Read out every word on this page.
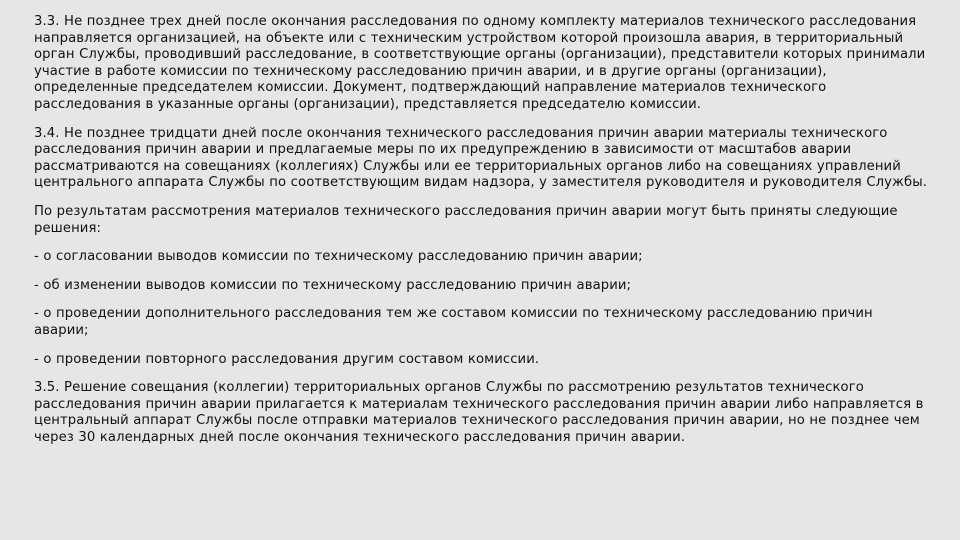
3.3. Не позднее трех дней после окончания расследования по одному комплекту материалов технического расследования направляется организацией, на объекте или с техническим устройством которой произошла авария, в территориальный орган Службы, проводивший расследование, в соответствующие органы (организации), представители которых принимали участие в работе комиссии по техническому расследованию причин аварии, и в другие органы (организации), определенные председателем комиссии. Документ, подтверждающий направление материалов технического расследования в указанные органы (организации), представляется председателю комиссии.

3.4. Не позднее тридцати дней после окончания технического расследования причин аварии материалы технического расследования причин аварии и предлагаемые меры по их предупреждению в зависимости от масштабов аварии рассматриваются на совещаниях (коллегиях) Службы или ее территориальных органов либо на совещаниях управлений центрального аппарата Службы по соответствующим видам надзора, у заместителя руководителя и руководителя Службы.

По результатам рассмотрения материалов технического расследования причин аварии могут быть приняты следующие решения:

- о согласовании выводов комиссии по техническому расследованию причин аварии;

- об изменении выводов комиссии по техническому расследованию причин аварии;

- о проведении дополнительного расследования тем же составом комиссии по техническому расследованию причин аварии;

- о проведении повторного расследования другим составом комиссии.

3.5. Решение совещания (коллегии) территориальных органов Службы по рассмотрению результатов технического расследования причин аварии прилагается к материалам технического расследования причин аварии либо направляется в центральный аппарат Службы после отправки материалов технического расследования причин аварии, но не позднее чем через 30 календарных дней после окончания технического расследования причин аварии.
